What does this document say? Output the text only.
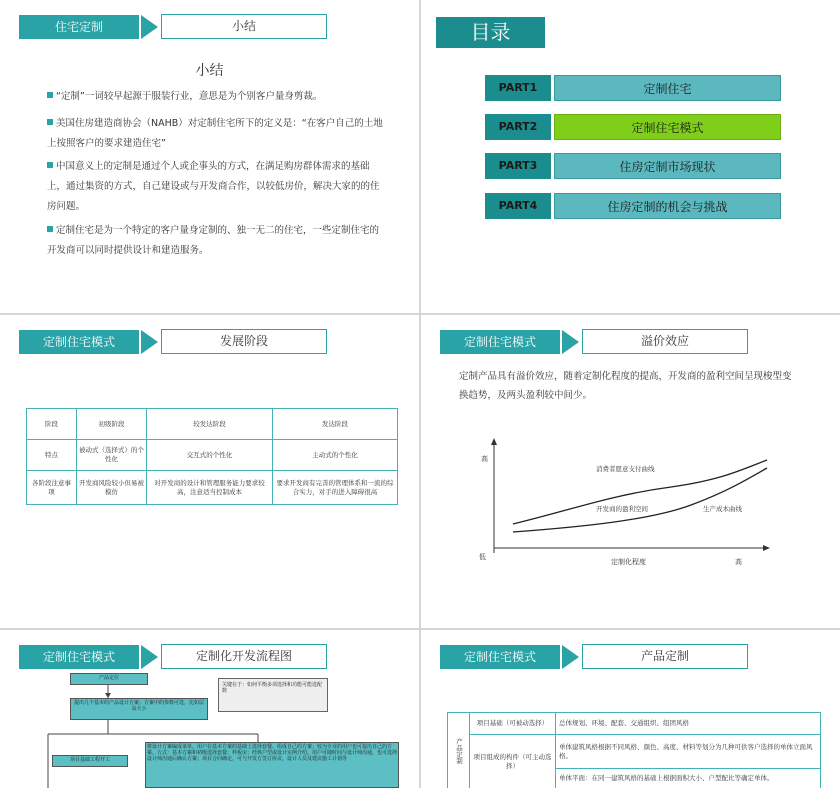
住宅定制	小结
小结
“定制”一词较早起源于服装行业，意思是为个别客户量身剪裁。
美国住房建造商协会（NAHB）对定制住宅所下的定义是：“在客户自己的土地上按照客户的要求建造住宅”
中国意义上的定制是通过个人或企事头的方式，在满足购房群体需求的基础上，通过集资的方式，自己建设或与开发商合作，以较低房价，解决大家的的住房问题。
定制住宅是为一个特定的客户量身定制的、独一无二的住宅，一些定制住宅的开发商可以同时提供设计和建造服务。
目录
PART1	定制住宅
PART2	定制住宅模式
PART3	住房定制市场现状
PART4	住房定制的机会与挑战
定制住宅模式	发展阶段
阶段	初级阶段	较发达阶段	发达阶段
特点	被动式（选择式）的个性化	交互式的个性化	主动式的个性化
各阶段注意事项	开发商风险较小但易被模仿	对开发商的设计和管理服务能力要求较高，注意适当控制成本	要求开发商有完善的管理体系和一流的综合实力，对手的进入障碍很高
定制住宅模式	溢价效应
定制产品具有溢价效应，随着定制化程度的提高，开发商的盈利空间呈现梭型变换趋势，及两头盈利较中间少。
高
低
定制化程度	高
消费者愿意支付曲线
开发商的盈利空间	生产成本曲线
定制住宅模式	定制化开发流程图
产品定位
提出几个基本的产品设计方案；方案中的参数可选，比如层高大小
关键在于：如何平衡多项选择和功能可能选配数
项目基础工程开工
将设计方案编成菜单，用户在基本方案的基础上选择套餐、组成自己的方案；较为专业的用户也可提出自己的方案。方式：基本方案和初级选择套餐；样板房；经典户型或设计实例介绍，用户可随时间与设计师沟通，也可选择设计师沟通后确认方案；项目合同确定，可与开发方签订协议，设计人员及建议施工计划等
定制住宅模式	产品定制
产品定制	项目基础（可被动选择）	总体规划、环境、配套、交通组织、组团风格
	项目组成的构件（可主动选择）	单体建筑风格根据不同风格、颜色、高度、材料等划分为几种可供客户选择的单体立面风格。
		单体平面：在同一建筑风格的基础上根据面积大小、户型配比等确定单体。
